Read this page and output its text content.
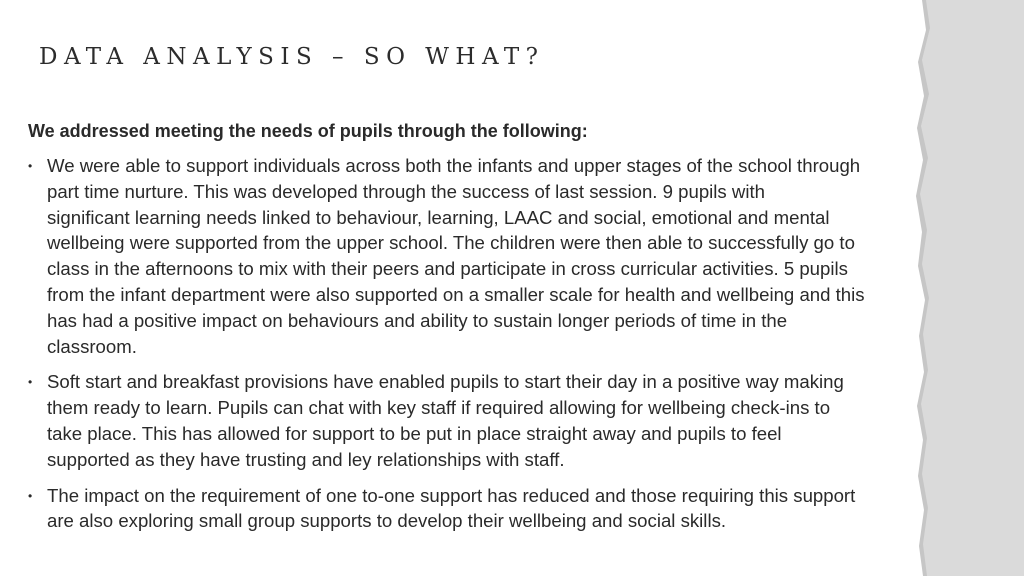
DATA ANALYSIS – SO WHAT?

We addressed meeting the needs of pupils through the following:

• We were able to support individuals across both the infants and upper stages of the school through
part time nurture. This was developed through the success of last session. 9 pupils with
significant learning needs linked to behaviour, learning, LAAC and social, emotional and mental
wellbeing were supported from the upper school. The children were then able to successfully go to
class in the afternoons to mix with their peers and participate in cross curricular activities. 5 pupils
from the infant department were also supported on a smaller scale for health and wellbeing and this
has had a positive impact on behaviours and ability to sustain longer periods of time in the
classroom.
• Soft start and breakfast provisions have enabled pupils to start their day in a positive way making
them ready to learn. Pupils can chat with key staff if required allowing for wellbeing check-ins to
take place. This has allowed for support to be put in place straight away and pupils to feel
supported as they have trusting and ley relationships with staff.
• The impact on the requirement of one to-one support has reduced and those requiring this support
are also exploring small group supports to develop their wellbeing and social skills.
